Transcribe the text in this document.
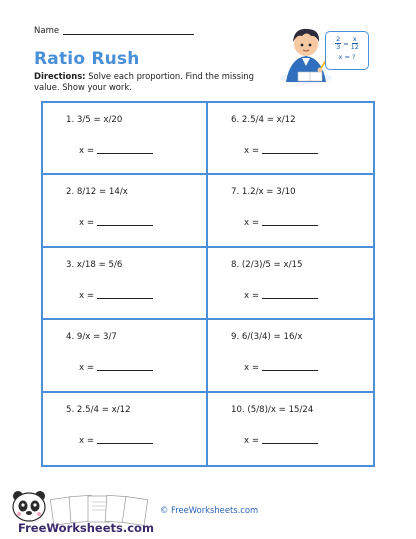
Name
Ratio Rush
Directions: Solve each proportion. Find the missing value. Show your work.
$\frac{2}{3} = \frac{x}{12}$
x = ?
1. 3/5 = x/20
x =
6. 2.5/4 = x/12
x =
2. 8/12 = 14/x
x =
7. 1.2/x = 3/10
x =
3. x/18 = 5/6
x =
8. (2/3)/5 = x/15
x =
4. 9/x = 3/7
x =
9. 6/(3/4) = 16/x
x =
5. 2.5/4 = x/12
x =
10. (5/8)/x = 15/24
x =
FreeWorksheets.com
© FreeWorksheets.com
